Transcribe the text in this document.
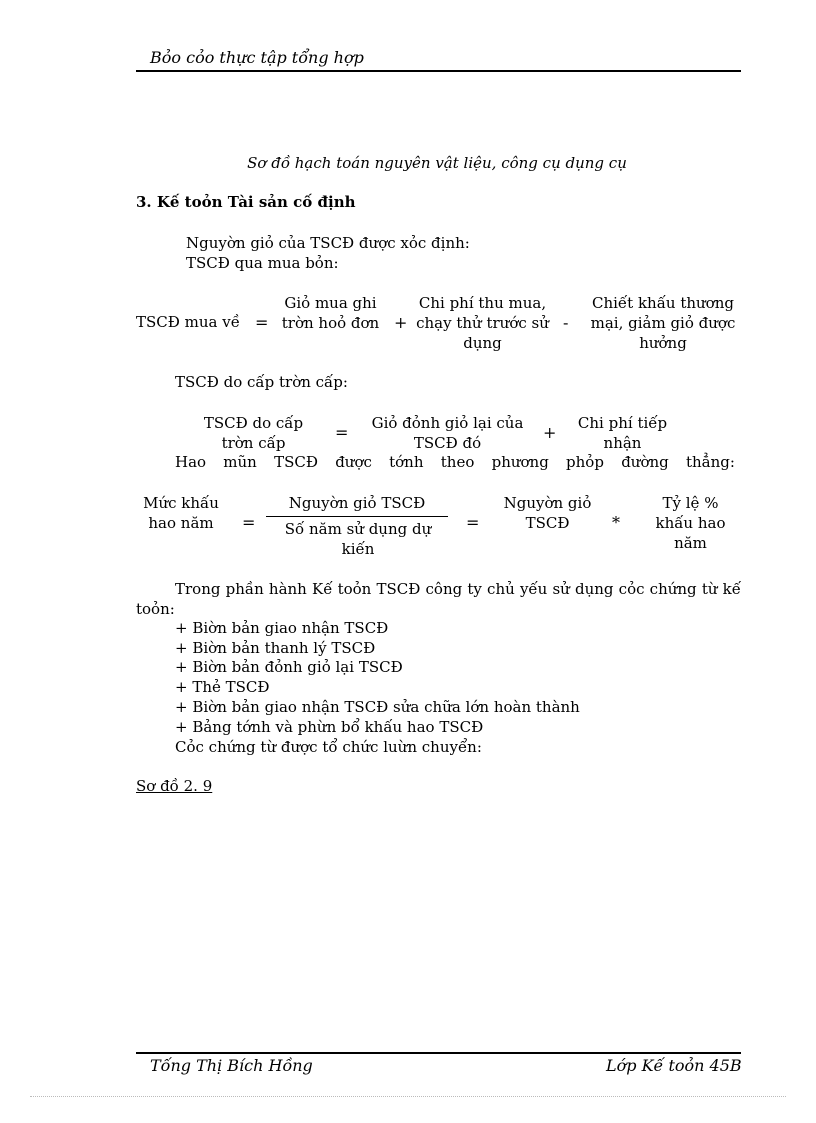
Bỏo cỏo thực tập tổng hợp
Sơ đồ hạch toán nguyên vật liệu, công cụ dụng cụ
3. Kế toỏn Tài sản cố định
Nguyờn giỏ của TSCĐ được xỏc định:
TSCĐ qua mua bỏn:
TSCĐ mua về =
Giỏ mua ghi trờn hoỏ đơn +
Chi phí thu mua, chạy thử trước sử dụng
-
Chiết khấu thương mại, giảm giỏ được hưởng
TSCĐ do cấp trờn cấp:
TSCĐ do cấp trờn cấp
= Giỏ đỏnh giỏ lại của TSCĐ đó
+	Chi phí tiếp nhận
Hao mũn TSCĐ được tớnh theo phương phỏp đường thẳng:
Mức khấu hao năm	=
Nguyờn giỏ TSCĐ
Số năm sử dụng dự kiến
=
Nguyờn giỏ TSCĐ	*
Tỷ lệ % khấu hao năm
Trong phần hành Kế toỏn TSCĐ công ty chủ yếu sử dụng cỏc chứng từ kế toỏn:
+ Biờn bản giao nhận TSCĐ
+ Biờn bản thanh lý TSCĐ
+ Biờn bản đỏnh giỏ lại TSCĐ
+ Thẻ TSCĐ
+ Biờn bản giao nhận TSCĐ sửa chữa lớn hoàn thành
+ Bảng tớnh và phừn bổ khấu hao TSCĐ
Cỏc chứng từ được tổ chức luừn chuyển:
Sơ đồ 2. 9
Tống Thị Bích Hồng	Lớp Kế toỏn 45B
